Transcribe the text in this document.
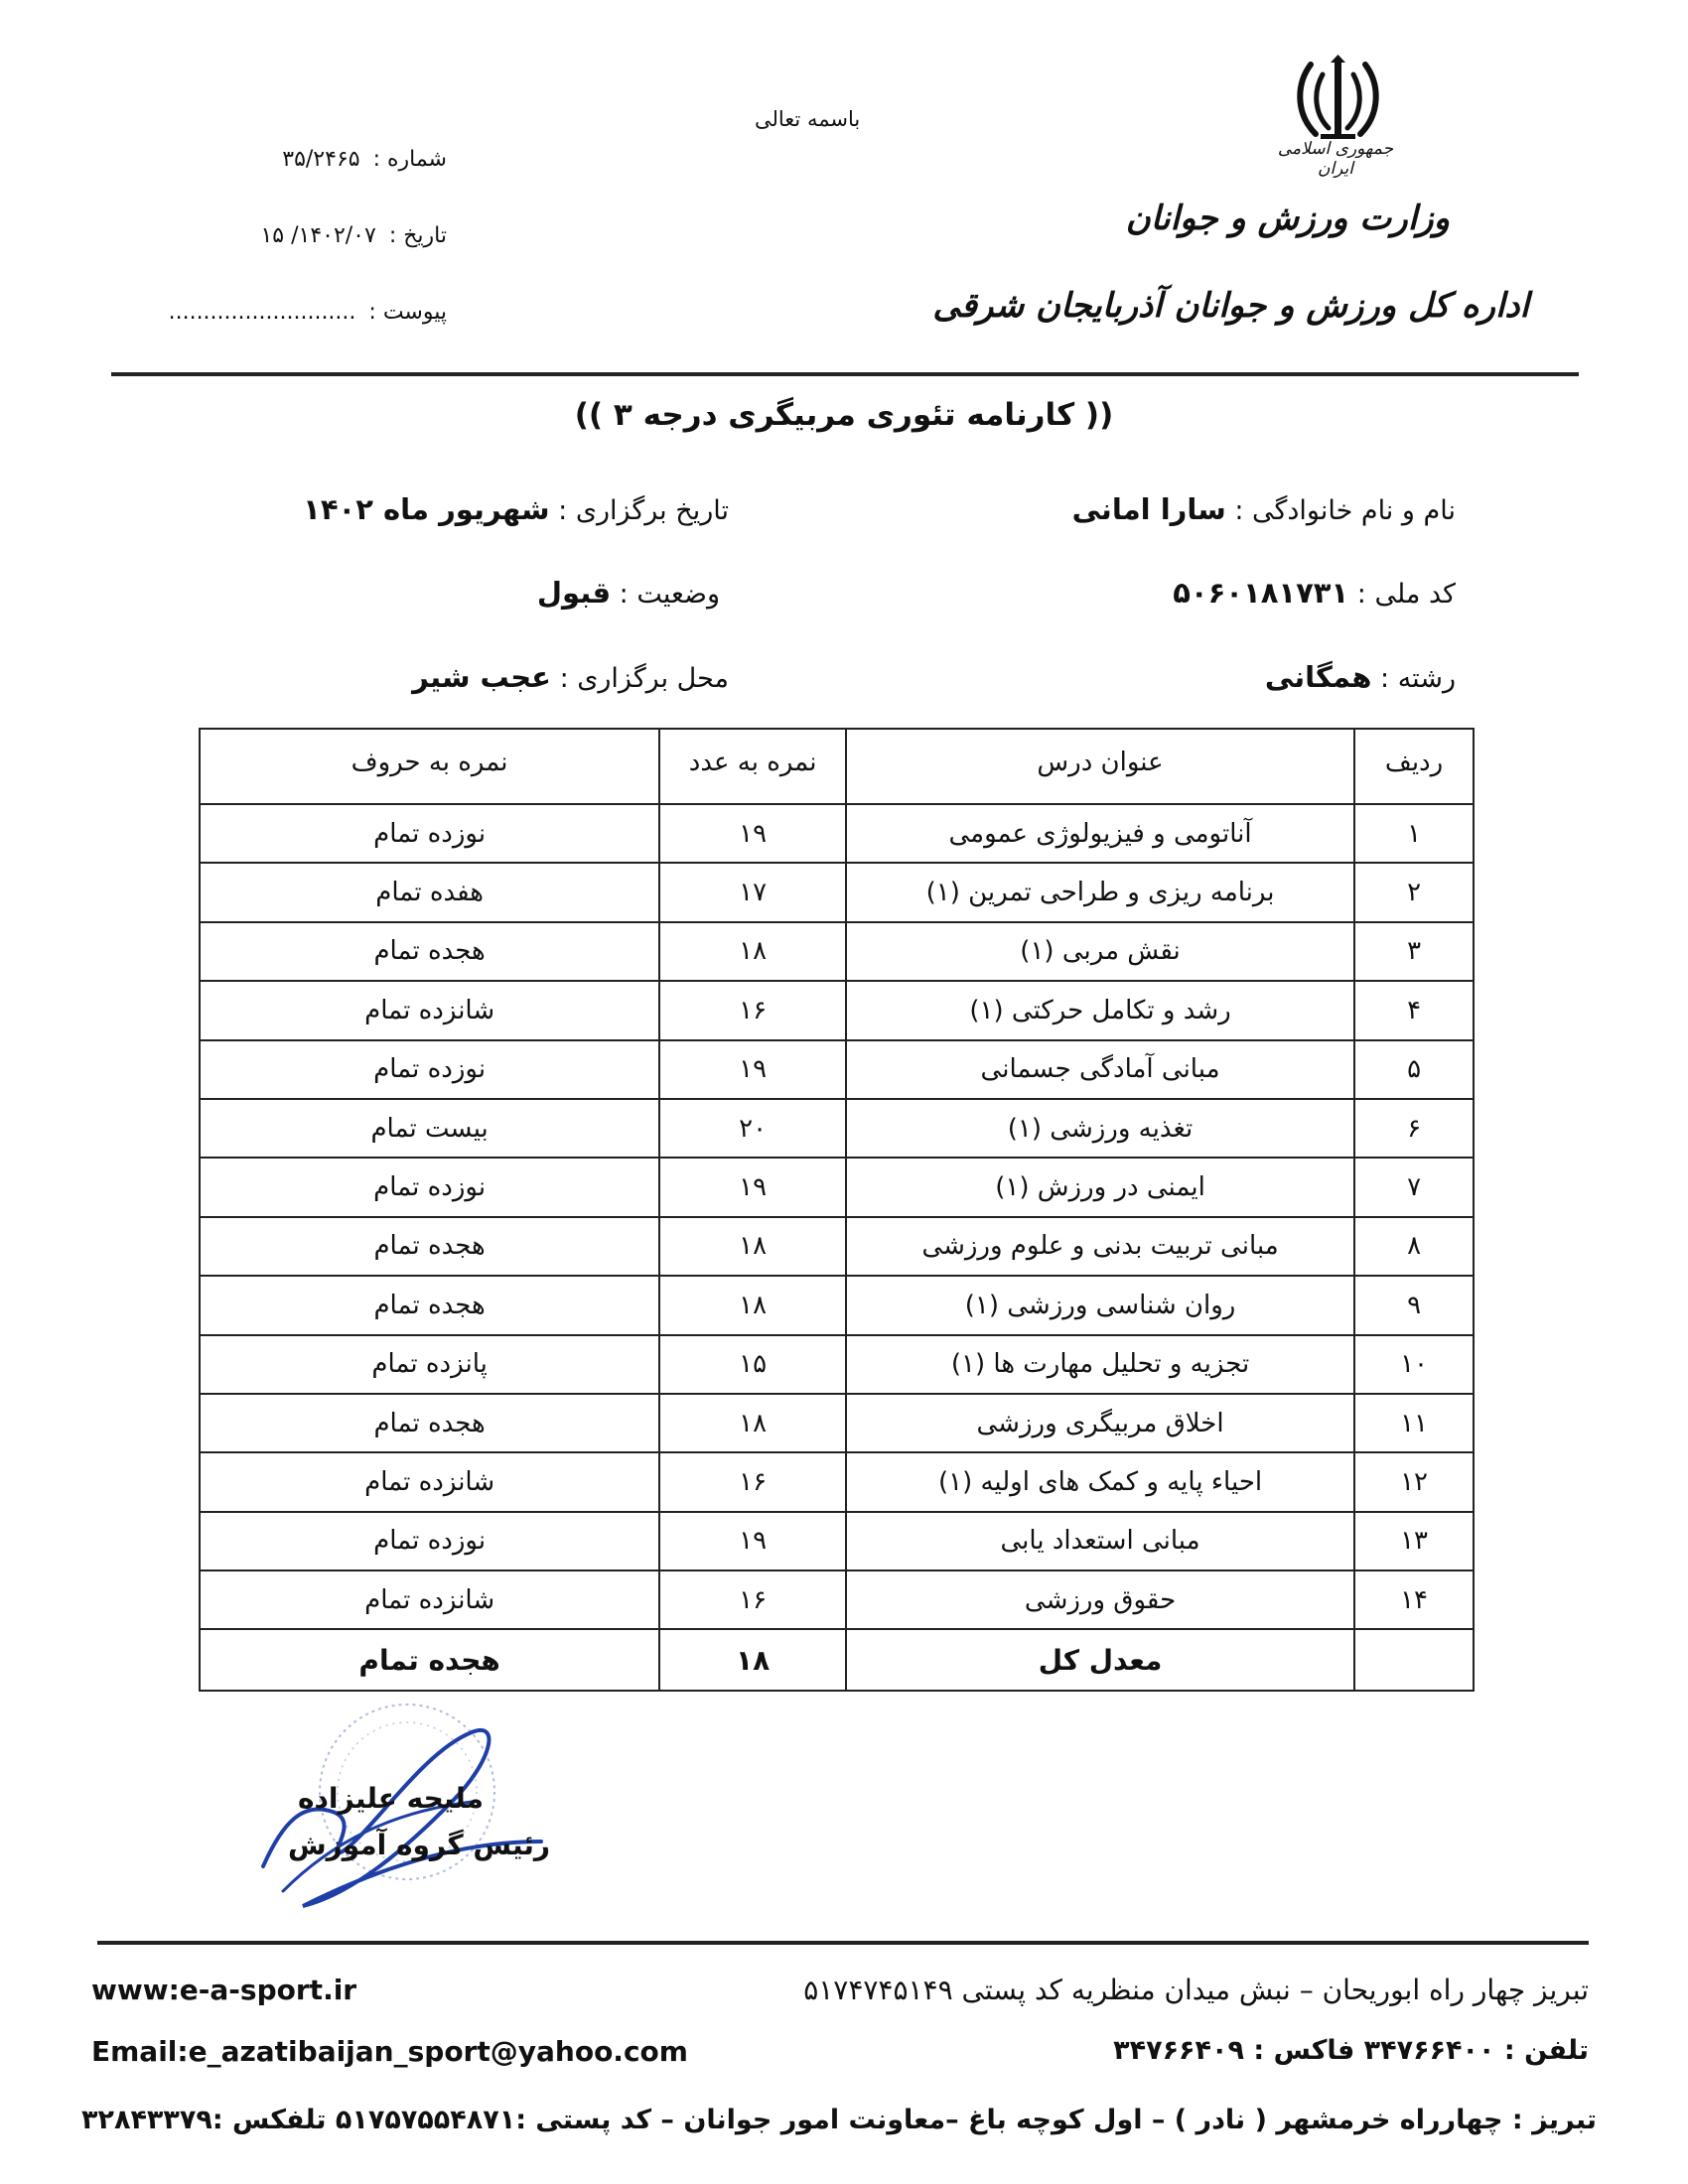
جمهوری اسلامی ایران
وزارت ورزش و جوانان
اداره کل ورزش و جوانان آذربایجان شرقی
باسمه تعالی
شماره : ۳۵/۲۴۶۵
تاریخ : ۱۴۰۲/۰۷/ ۱۵
پیوست : ...........................
(( کارنامه تئوری مربیگری درجه ۳ ))
نام و نام خانوادگی : سارا امانی
تاریخ برگزاری : شهریور ماه ۱۴۰۲
کد ملی : ۵۰۶۰۱۸۱۷۳۱
وضعیت : قبول
رشته : همگانی
محل برگزاری : عجب شیر
ردیف	عنوان درس	نمره به عدد	نمره به حروف
۱	آناتومی و فیزیولوژی عمومی	۱۹	نوزده تمام
۲	برنامه ریزی و طراحی تمرین (۱)	۱۷	هفده تمام
۳	نقش مربی (۱)	۱۸	هجده تمام
۴	رشد و تکامل حرکتی (۱)	۱۶	شانزده تمام
۵	مبانی آمادگی جسمانی	۱۹	نوزده تمام
۶	تغذیه ورزشی (۱)	۲۰	بیست تمام
۷	ایمنی در ورزش (۱)	۱۹	نوزده تمام
۸	مبانی تربیت بدنی و علوم ورزشی	۱۸	هجده تمام
۹	روان شناسی ورزشی (۱)	۱۸	هجده تمام
۱۰	تجزیه و تحلیل مهارت ها (۱)	۱۵	پانزده تمام
۱۱	اخلاق مربیگری ورزشی	۱۸	هجده تمام
۱۲	احیاء پایه و کمک های اولیه (۱)	۱۶	شانزده تمام
۱۳	مبانی استعداد یابی	۱۹	نوزده تمام
۱۴	حقوق ورزشی	۱۶	شانزده تمام
	معدل کل	۱۸	هجده تمام
ملیحه علیزاده
رئیس گروه آموزش
www:e-a-sport.ir
Email:e_azatibaijan_sport@yahoo.com
تبریز چهار راه ابوریحان – نبش میدان منظریه کد پستی ۵۱۷۴۷۴۵۱۴۹
تلفن : ۳۴۷۶۶۴۰۰ فاکس : ۳۴۷۶۶۴۰۹
تبریز : چهارراه خرمشهر ( نادر ) – اول کوچه باغ –معاونت امور جوانان – کد پستی :۵۱۷۵۷۵۵۴۸۷۱ تلفکس :۳۲۸۴۳۳۷۹
